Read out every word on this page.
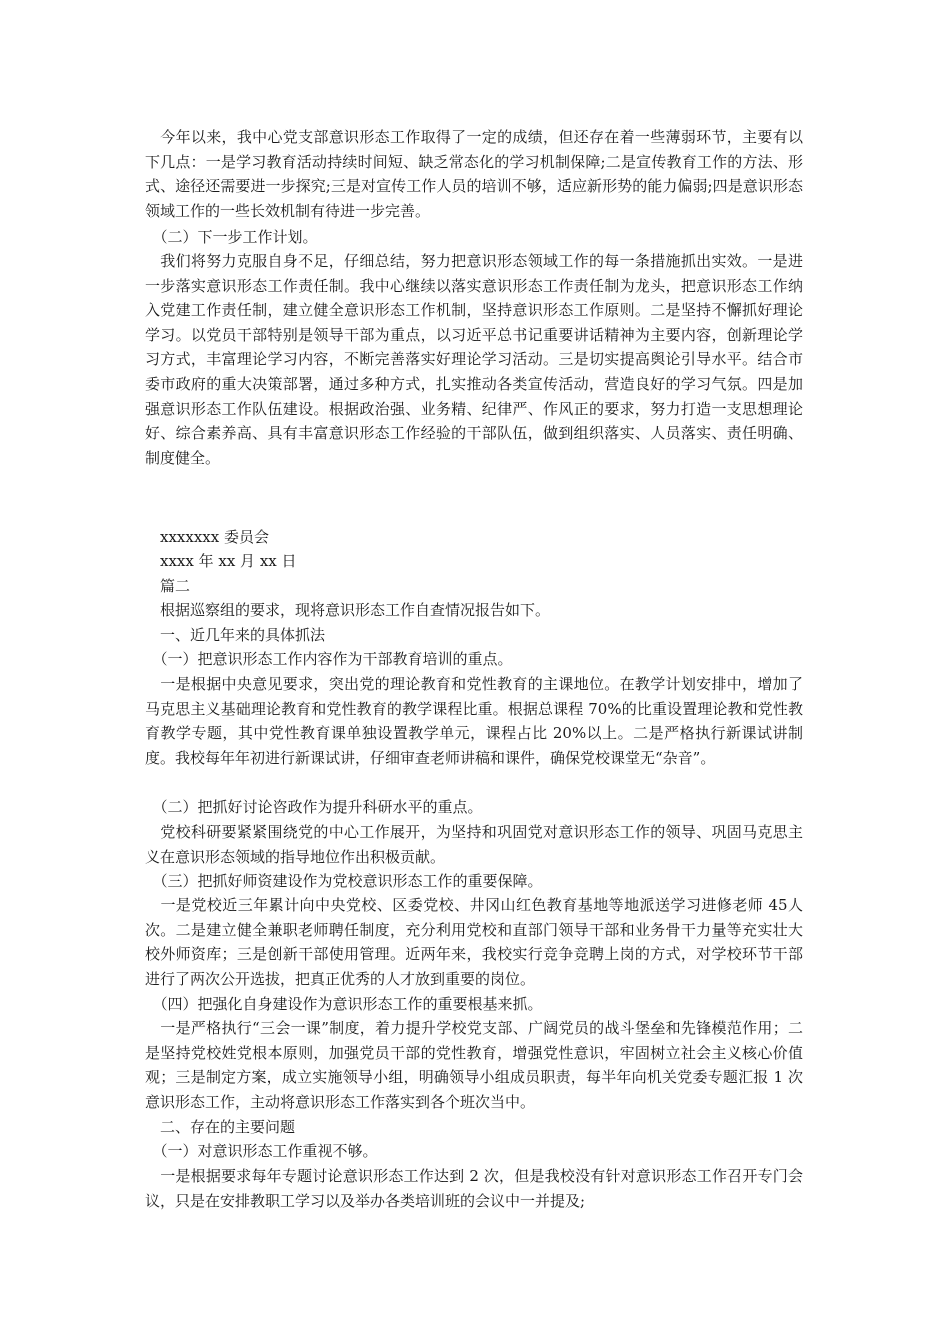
　今年以来，我中心党支部意识形态工作取得了一定的成绩，但还存在着一些薄弱环节，主要有以下几点：一是学习教育活动持续时间短、缺乏常态化的学习机制保障;二是宣传教育工作的方法、形式、途径还需要进一步探究;三是对宣传工作人员的培训不够，适应新形势的能力偏弱;四是意识形态领域工作的一些长效机制有待进一步完善。

　（二）下一步工作计划。

　我们将努力克服自身不足，仔细总结，努力把意识形态领域工作的每一条措施抓出实效。一是进一步落实意识形态工作责任制。我中心继续以落实意识形态工作责任制为龙头，把意识形态工作纳入党建工作责任制，建立健全意识形态工作机制，坚持意识形态工作原则。二是坚持不懈抓好理论学习。以党员干部特别是领导干部为重点，以习近平总书记重要讲话精神为主要内容，创新理论学习方式，丰富理论学习内容，不断完善落实好理论学习活动。三是切实提高舆论引导水平。结合市委市政府的重大决策部署，通过多种方式，扎实推动各类宣传活动，营造良好的学习气氛。四是加强意识形态工作队伍建设。根据政治强、业务精、纪律严、作风正的要求，努力打造一支思想理论好、综合素养高、具有丰富意识形态工作经验的干部队伍，做到组织落实、人员落实、责任明确、制度健全。

　xxxxxxx 委员会

　xxxx 年 xx 月 xx 日

　篇二

　根据巡察组的要求，现将意识形态工作自查情况报告如下。

　一、近几年来的具体抓法

　（一）把意识形态工作内容作为干部教育培训的重点。

　一是根据中央意见要求，突出党的理论教育和党性教育的主课地位。在教学计划安排中，增加了马克思主义基础理论教育和党性教育的教学课程比重。根据总课程 70%的比重设置理论教和党性教育教学专题，其中党性教育课单独设置教学单元，课程占比 20%以上。二是严格执行新课试讲制度。我校每年年初进行新课试讲，仔细审查老师讲稿和课件，确保党校课堂无“杂音”。

　（二）把抓好讨论咨政作为提升科研水平的重点。

　党校科研要紧紧围绕党的中心工作展开，为坚持和巩固党对意识形态工作的领导、巩固马克思主义在意识形态领域的指导地位作出积极贡献。

　（三）把抓好师资建设作为党校意识形态工作的重要保障。

　一是党校近三年累计向中央党校、区委党校、井冈山红色教育基地等地派送学习进修老师 45人次。二是建立健全兼职老师聘任制度，充分利用党校和直部门领导干部和业务骨干力量等充实壮大校外师资库；三是创新干部使用管理。近两年来，我校实行竞争竞聘上岗的方式，对学校环节干部进行了两次公开选拔，把真正优秀的人才放到重要的岗位。

　（四）把强化自身建设作为意识形态工作的重要根基来抓。

　一是严格执行“三会一课”制度，着力提升学校党支部、广阔党员的战斗堡垒和先锋模范作用；二是坚持党校姓党根本原则，加强党员干部的党性教育，增强党性意识，牢固树立社会主义核心价值观；三是制定方案，成立实施领导小组，明确领导小组成员职责，每半年向机关党委专题汇报 1 次意识形态工作，主动将意识形态工作落实到各个班次当中。

　二、存在的主要问题

　（一）对意识形态工作重视不够。

　一是根据要求每年专题讨论意识形态工作达到 2 次，但是我校没有针对意识形态工作召开专门会议，只是在安排教职工学习以及举办各类培训班的会议中一并提及;
